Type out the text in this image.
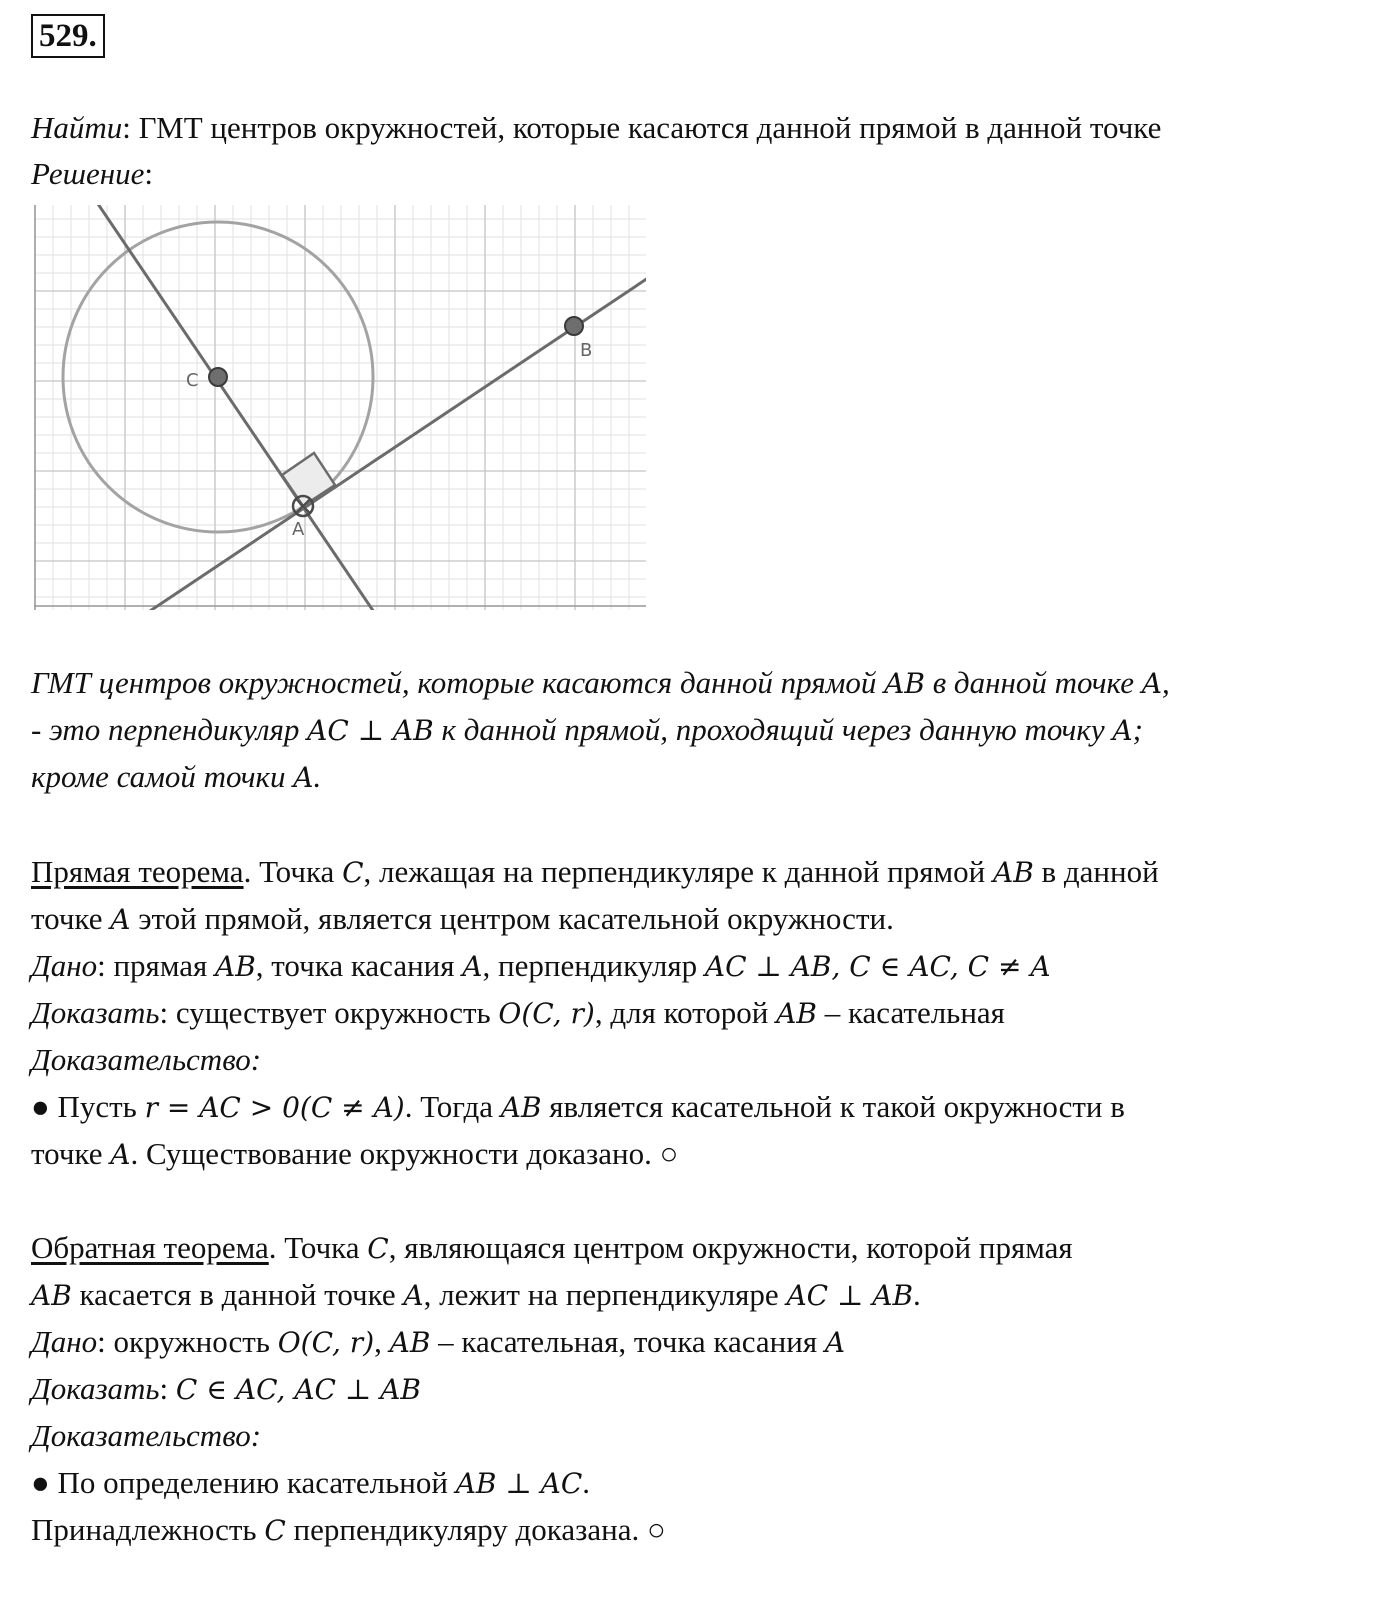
529.
Найти: ГМТ центров окружностей, которые касаются данной прямой в данной точке
Решение:
C
B
A
ГМТ центров окружностей, которые касаются данной прямой AB в данной точке A,
- это перпендикуляр AC ⊥ AB к данной прямой, проходящий через данную точку A;
кроме самой точки A.
Прямая теорема. Точка C, лежащая на перпендикуляре к данной прямой AB в данной
точке A этой прямой, является центром касательной окружности.
Дано: прямая AB, точка касания A, перпендикуляр AC ⊥ AB, C ∈ AC, C ≠ A
Доказать: существует окружность O(C, r), для которой AB – касательная
Доказательство:
● Пусть r = AC > 0(C ≠ A). Тогда AB является касательной к такой окружности в
точке A. Существование окружности доказано. ○
Обратная теорема. Точка C, являющаяся центром окружности, которой прямая
AB касается в данной точке A, лежит на перпендикуляре AC ⊥ AB.
Дано: окружность O(C, r), AB – касательная, точка касания A
Доказать: C ∈ AC, AC ⊥ AB
Доказательство:
● По определению касательной AB ⊥ AC.
Принадлежность C перпендикуляру доказана. ○
